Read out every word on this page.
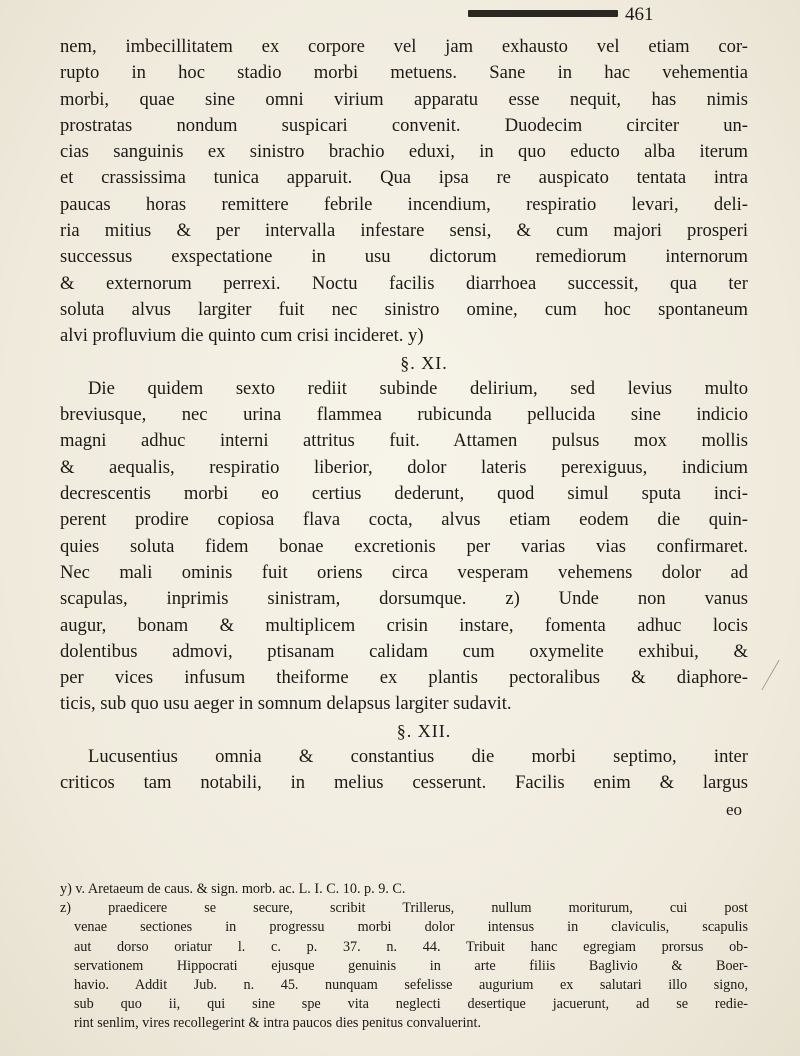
461
nem, imbecillitatem ex corpore vel jam exhausto vel etiam cor-
rupto in hoc stadio morbi metuens. Sane in hac vehementia
morbi, quae sine omni virium apparatu esse nequit, has nimis
prostratas nondum suspicari convenit. Duodecim circiter un-
cias sanguinis ex sinistro brachio eduxi, in quo educto alba iterum
et crassissima tunica apparuit. Qua ipsa re auspicato tentata intra
paucas horas remittere febrile incendium, respiratio levari, deli-
ria mitius & per intervalla infestare sensi, & cum majori prosperi
successus exspectatione in usu dictorum remediorum internorum
& externorum perrexi. Noctu facilis diarrhoea successit, qua ter
soluta alvus largiter fuit nec sinistro omine, cum hoc spontaneum
alvi profluvium die quinto cum crisi incideret. y)
§. XI.
Die quidem sexto rediit subinde delirium, sed levius multo
breviusque, nec urina flammea rubicunda pellucida sine indicio
magni adhuc interni attritus fuit. Attamen pulsus mox mollis
& aequalis, respiratio liberior, dolor lateris perexiguus, indicium
decrescentis morbi eo certius dederunt, quod simul sputa inci-
perent prodire copiosa flava cocta, alvus etiam eodem die quin-
quies soluta fidem bonae excretionis per varias vias confirmaret.
Nec mali ominis fuit oriens circa vesperam vehemens dolor ad
scapulas, inprimis sinistram, dorsumque. z) Unde non vanus
augur, bonam & multiplicem crisin instare, fomenta adhuc locis
dolentibus admovi, ptisanam calidam cum oxymelite exhibui, &
per vices infusum theiforme ex plantis pectoralibus & diaphore-
ticis, sub quo usu aeger in somnum delapsus largiter sudavit.
§. XII.
Lucusentius omnia & constantius die morbi septimo, inter
criticos tam notabili, in melius cesserunt. Facilis enim & largus
eo
y) v. Aretaeum de caus. & sign. morb. ac. L. I. C. 10. p. 9. C.
z) praedicere se secure, scribit Trillerus, nullum moriturum, cui post
venae sectiones in progressu morbi dolor intensus in claviculis, scapulis
aut dorso oriatur l. c. p. 37. n. 44. Tribuit hanc egregiam prorsus ob-
servationem Hippocrati ejusque genuinis in arte filiis Baglivio & Boer-
havio. Addit Jub. n. 45. nunquam sefelisse augurium ex salutari illo signo,
sub quo ii, qui sine spe vita neglecti desertique jacuerunt, ad se redie-
rint senlim, vires recollegerint & intra paucos dies penitus convaluerint.
